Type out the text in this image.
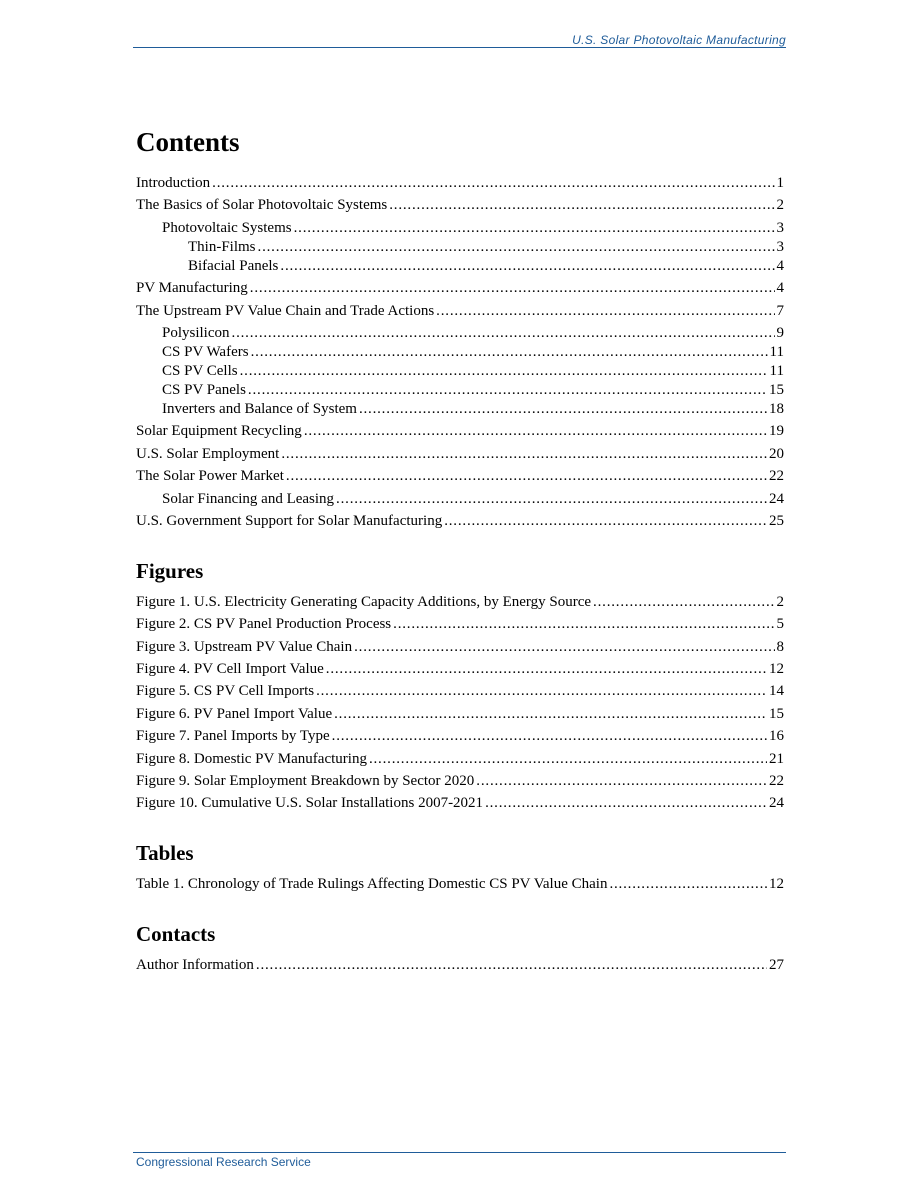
U.S. Solar Photovoltaic Manufacturing
Contents
Introduction .....	1
The Basics of Solar Photovoltaic Systems .....	2
Photovoltaic Systems .....	3
Thin-Films .....	3
Bifacial Panels .....	4
PV Manufacturing .....	4
The Upstream PV Value Chain and Trade Actions .....	7
Polysilicon .....	9
CS PV Wafers .....	11
CS PV Cells .....	11
CS PV Panels .....	15
Inverters and Balance of System .....	18
Solar Equipment Recycling .....	19
U.S. Solar Employment .....	20
The Solar Power Market .....	22
Solar Financing and Leasing .....	24
U.S. Government Support for Solar Manufacturing .....	25
Figures
Figure 1. U.S. Electricity Generating Capacity Additions, by Energy Source .....	2
Figure 2. CS PV Panel Production Process .....	5
Figure 3. Upstream PV Value Chain .....	8
Figure 4. PV Cell Import Value .....	12
Figure 5. CS PV Cell Imports .....	14
Figure 6. PV Panel Import Value .....	15
Figure 7. Panel Imports by Type .....	16
Figure 8. Domestic PV Manufacturing .....	21
Figure 9. Solar Employment Breakdown by Sector 2020 .....	22
Figure 10. Cumulative U.S. Solar Installations 2007-2021 .....	24
Tables
Table 1. Chronology of Trade Rulings Affecting Domestic CS PV Value Chain .....	12
Contacts
Author Information .....	27
Congressional Research Service
